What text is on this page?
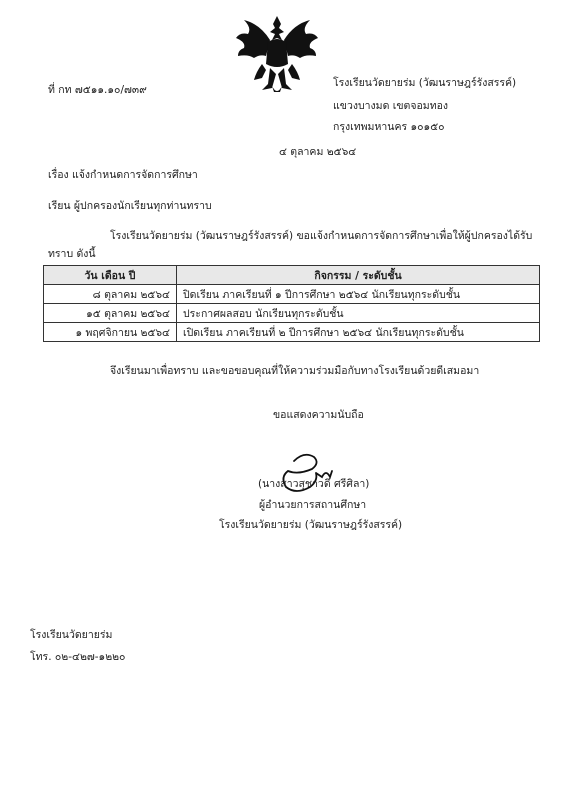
ที่ กท ๗๕๑๑.๑๐/๗๓๙
โรงเรียนวัดยายร่ม (วัฒนราษฎร์รังสรรค์)
แขวงบางมด เขตจอมทอง
กรุงเทพมหานคร ๑๐๑๕๐
๔ ตุลาคม ๒๕๖๔
เรื่อง แจ้งกำหนดการจัดการศึกษา
เรียน ผู้ปกครองนักเรียนทุกท่านทราบ
โรงเรียนวัดยายร่ม (วัฒนราษฎร์รังสรรค์) ขอแจ้งกำหนดการจัดการศึกษาเพื่อให้ผู้ปกครองได้รับ
ทราบ ดังนี้
วัน เดือน ปี	กิจกรรม / ระดับชั้น
๘ ตุลาคม ๒๕๖๔	ปิดเรียน ภาคเรียนที่ ๑ ปีการศึกษา ๒๕๖๔ นักเรียนทุกระดับชั้น
๑๕ ตุลาคม ๒๕๖๔	ประกาศผลสอบ นักเรียนทุกระดับชั้น
๑ พฤศจิกายน ๒๕๖๔	เปิดเรียน ภาคเรียนที่ ๒ ปีการศึกษา ๒๕๖๔ นักเรียนทุกระดับชั้น
จึงเรียนมาเพื่อทราบ และขอขอบคุณที่ให้ความร่วมมือกับทางโรงเรียนด้วยดีเสมอมา
ขอแสดงความนับถือ
(นางสาวสุชาวดี ศรีศิลา)
ผู้อำนวยการสถานศึกษา
โรงเรียนวัดยายร่ม (วัฒนราษฎร์รังสรรค์)
โรงเรียนวัดยายร่ม
โทร. ๐๒-๔๒๗-๑๒๒๐
